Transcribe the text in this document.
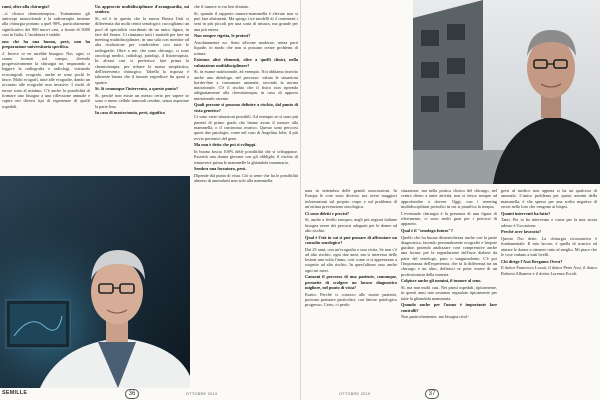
rami, oltre alla chirurgia?

...ti clinica chemioterapica. Trattamento gli anticorpi monoclonali e la radioterapia insieme alla chirurgia portano a quel 98%, particolarmente significativo dei 900 nuovi casi, a fronte di 5000 casi in Italia. L'incidenza è stabile.

ono che ha una buona, però, non ha preparazione universitaria specifica.

2. Invece ce ne sarebbe bisogno. Noi, ogni, ci siamo formati sul campo, dicendo progressivamente la chirurgia ne, imparando a leggere la radiografia e radiologi, visitando ecocongrafi, ecografo, anche se sono pochi le fasce. Molti ecografi, tutte alle ecografie, dando un accurato alle ecografie non invasive. I rischi di errore sono al minimo. C'è anche la possibilità di formare uno bisogna a una riflessione annuale e capire nei diversi tipi di esperienze di quelli ospedali.

Un approccio multidisciplinare d'avanguardia, mi sembra.

Sì, ed è in questo che la nuova Breast Unit si differenzia dai molti centri senologici: raccogliamo un pool di specialisti coordinati da un unico figura, in fare del Senior. Ci riuniamo tutti i martedì per fare un meeting multidisciplinare, in una sala con monitor ad alta risoluzione per condividere con tutte le radiografie. Oltre a me, che sono chirurgo, ci sono oncologi medici, radiologi, patologi, il fisioterapista. In alcuni casi si preferisce fare prima la chemioterapia, per ridurre la massa neoplastica, dell'intervento chirurgico. Tabella la risposta è talmente buona che il tumore regredisce fin quasi a sparire.

Sì. Si comunque l'intervento, a questo punto?

Sì, perché non esiste un mezzo certo per sapere se sono o meno cellule tumorali residue, senza asportare la parte lesa.

In caso di mastectomia, però, significa

che il tumore si era ben ditatato.

Sì, quando il rapporto tumore-mammella è elevato non si può fare altrimenti. Ma spiego i tre modelli di 2 centimetri i seni in più piccoli per una sorta di misura, ma grande per una più estesa.

Non sempre rigetta, le protesi?

Assolutamente no. Sono silicone moderne, senza parti liquide, in modo che non si possano creare problemi di rottura.

Esistono altri elementi, oltre a quelli clinici, nella valutazione multidisciplinare?

Sì, in esame nutrizionale, ad esempio. Noi abbiamo inserito anche una dietologa, nel percorso: valuta le situazioni border-line a consumare anomale, secondo la norma nutrizionale. C'è il rischio che il fisico non riprenda adeguatamente alla chemioterapia, in caso di apporto nutrizionale carente.

Quali persone si possono definire a rischio, dal punto di vista genetico?

Ci sono varie situazioni possibili. Ad esempio se si sono più parenti di primo grado che hanno avuto il tumore alla mammella, o il carcinoma ovarico. Questo sono percorsi quote due patologie, come nel caso di Angelina Jolie, il più ovvio portatrici del gene.

Ma non è detto che poi si sviluppi.

In buona fascia 100% delle possibilità che si sviluppasse. Esserità una donna giovane con gli obblighi, il rischio di rimuovere prima le mammelle la ghiandola mammaria.

Sembra una forzatura, però.

Dipende dal punto di vista. Ciò si sente che ha le possibilità almeno di ammalarsi non solo alla mammella.

SEMILLE	36	OTTOBRE 2019

nata in settembra delle grandi associazioni. In Europa le cose sono diverse, ma avere maggiori informazioni sul proprio corpo e sul problema di un'ottima prevenzione oncologica.

Ci sono difetti e precisi?

Sì, anche a livello europeo, negli più regioni italiane bisogna avere dei percorsi adeguati per le donne ad alto rischio.

Qual è l'età in cui si può pensare di affrontare un consulto senologico?

Dai 25 anni, con un'ecografia o una visita. Se non c'è ad alto rischio, ogni due anni, ma si interessa delle lesioni una volta l'anno, così come si si apprezzano a sospetto ad alto rischio. In quest'ultimo caso anche ogni sei mesi.

Canzoni il percorso di una paziente, comunque, permette di svolgere un lavoro diagnostico migliore, nel punto di vista?

Esatto. Perché ci conosco alle nostre pazienti, possono pranzare particolari, con fattore patologico progresso. Certo, ci perdo

situazione, ma nella pratica clinica del chirurgo, nel centro dietro a tante attività, non si riesce sempre ad approfondire a dovere. Oggi, con i meeting multidisciplinari periodici in cui si pianifica la terapia.

L'eventuale chirurgia è la presenza di una figura di riferimento, ci sono molti guai per i percorsi di apparato.

Qual è il "senologo futuro"?

Quello che ha buona dimestichezza anche con la parte diagnostica, facendo personalmente ecografie e biopsie guidate, potendo analizzare cose comprensive anche una forma: per la segnalazione dell'asse diabete da parte del senologo, puro o sanguinolento. C'è poi l'importanza dell'esperienza, che fa la differenza tra un chirurgo e un altro, definisci se poter essere di un professionista della materia.

Colpisce anche gli uomini, il tumore al seno.

Sì, ma non molti casi. Nei primi ospedali, tipicamente, in questi anni una sostanza segnalata tipicamente per tutte la ghiandola mammaria.

Quando anche per l'uomo è importante fare controlli?

Non particolarmente, ma bisogna rivol-

gersi al medico non appena si ha un qualcosa di anomalo. L'unico problema per questi uomini della mammella, è che spesso per una scelta negativa di errori nello loro che vengono ai biopsi.

Quanti interventi ha fatto?

Tanti. Per io ha intervento e come per la mia storia adesso è l'occasione.

Perché aver lavorato?

Questo l'ho detto. La chirurgia ricostruttiva è fondamentale. Il mio lavoro, è quella di riuscire ad aiutare le donne a ottenere tutto al meglio. Mi piace che le cose vadano a tutti livelli.

Chi dirige l'Asst Bergamo Ovest?

Il dottor Francesco Locati, il dottor Peter Assi, il dottor Roberto Albanese e il dottor Lorenzo Ercoli.

OTTOBRE 2019	37
